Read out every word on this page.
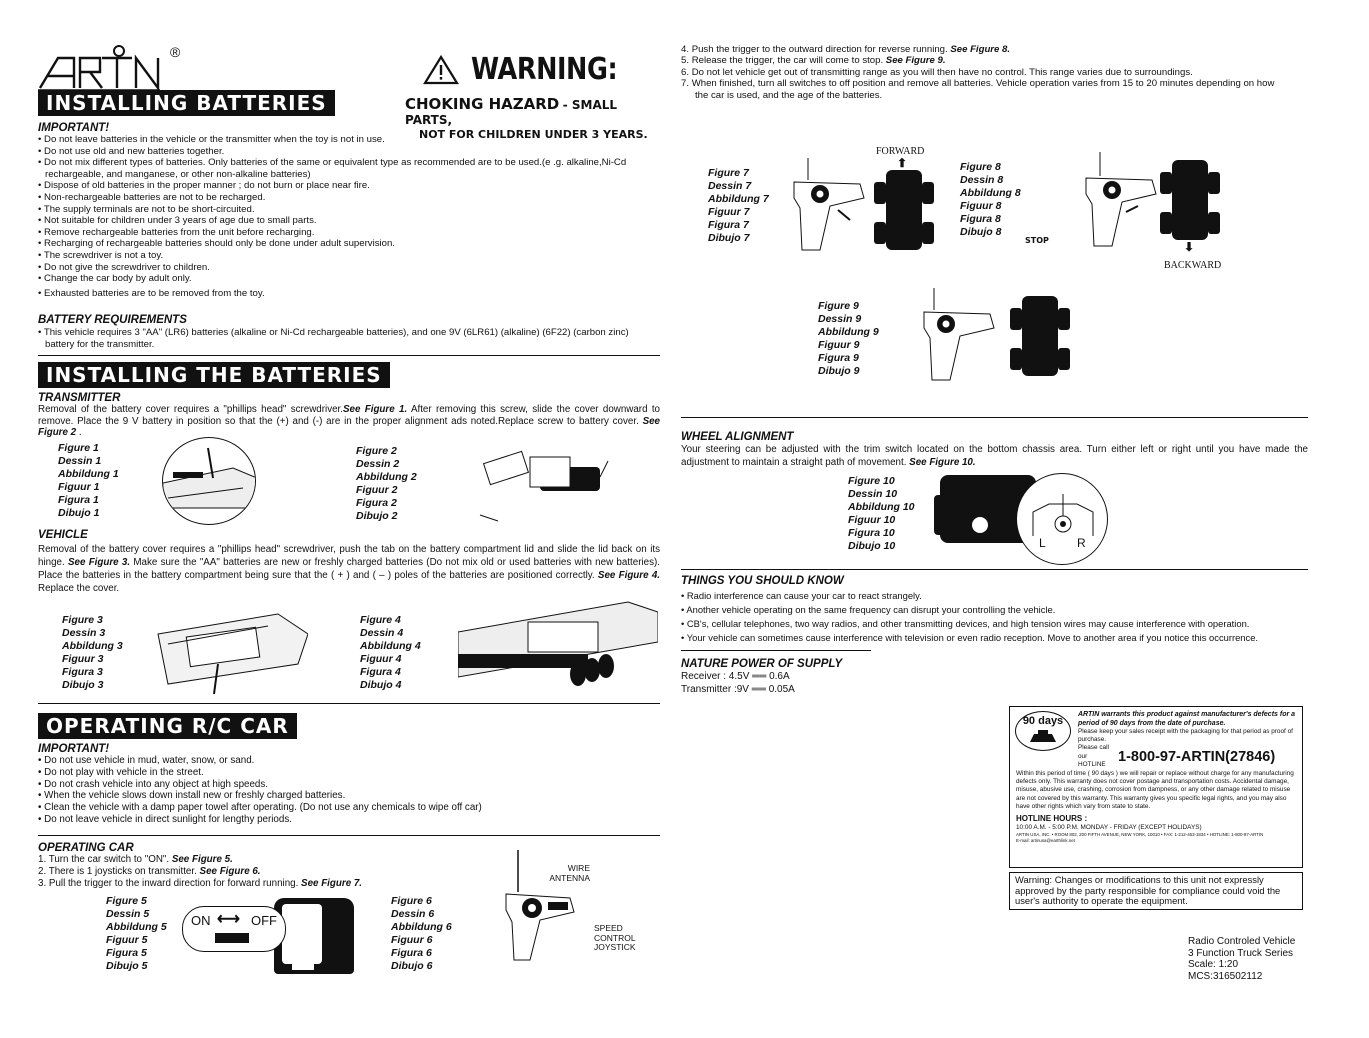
®
INSTALLING BATTERIES
WARNING:
CHOKING HAZARD - SMALL PARTS,
NOT FOR CHILDREN UNDER 3 YEARS.
IMPORTANT!
• Do not leave batteries in the vehicle or the transmitter when the toy is not in use.
• Do not use old and new batteries together.
• Do not mix different types of batteries. Only batteries of the same or equivalent type as recommended are to be used.(e .g. alkaline,Ni-Cd rechargeable, and manganese, or other non-alkaline batteries)
• Dispose of old batteries in the proper manner ; do not burn or place near fire.
• Non-rechargeable batteries are not to be recharged.
• The supply terminals are not to be short-circuited.
• Not suitable for children under 3 years of age due to small parts.
• Remove rechargeable batteries from the unit before recharging.
• Recharging of rechargeable batteries should only be done under adult supervision.
• The screwdriver is not a toy.
• Do not give the screwdriver to children.
• Change the car body by adult only.
• Exhausted batteries are to be removed from the toy.
BATTERY REQUIREMENTS
• This vehicle requires 3 "AA" (LR6) batteries (alkaline or Ni-Cd rechargeable batteries), and one 9V (6LR61) (alkaline) (6F22) (carbon zinc) battery for the transmitter.
INSTALLING THE BATTERIES
TRANSMITTER
Removal of the battery cover requires a "phillips head" screwdriver.See Figure 1. After removing this screw, slide the cover downward to remove. Place the 9 V battery in position so that the (+) and (-) are in the proper alignment ads noted.Replace screw to battery cover. See Figure 2 .
Figure 1
Dessin 1
Abbildung 1
Figuur 1
Figura 1
Dibujo 1
Figure 2
Dessin 2
Abbildung 2
Figuur 2
Figura 2
Dibujo 2
VEHICLE
Removal of the battery cover requires a "phillips head" screwdriver, push the tab on the battery compartment lid and slide the lid back on its hinge. See Figure 3. Make sure the "AA" batteries are new or freshly charged batteries (Do not mix old or used batteries with new batteries). Place the batteries in the battery compartment being sure that the ( + ) and ( – ) poles of the batteries are positioned correctly. See Figure 4. Replace the cover.
Figure 3
Dessin 3
Abbildung 3
Figuur 3
Figura 3
Dibujo 3
Figure 4
Dessin 4
Abbildung 4
Figuur 4
Figura 4
Dibujo 4
OPERATING R/C CAR
IMPORTANT!
• Do not use vehicle in mud, water, snow, or sand.
• Do not play with vehicle in the street.
• Do not crash vehicle into any object at high speeds.
• When the vehicle slows down install new or freshly charged batteries.
• Clean the vehicle with a damp paper towel after operating. (Do not use any chemicals to wipe off car)
• Do not leave vehicle in direct sunlight for lengthy periods.
OPERATING CAR
1. Turn the car switch to "ON". See Figure 5.
2. There is 1 joysticks on transmitter. See Figure 6.
3. Pull the trigger to the inward direction for forward running. See Figure 7.
Figure 5
Dessin 5
Abbildung 5
Figuur 5
Figura 5
Dibujo 5
ON ⟷ OFF
Figure 6
Dessin 6
Abbildung 6
Figuur 6
Figura 6
Dibujo 6
WIRE ANTENNA
SPEED CONTROL JOYSTICK
4. Push the trigger to the outward direction for reverse running. See Figure 8.
5. Release the trigger, the car will come to stop. See Figure 9.
6. Do not let vehicle get out of transmitting range as you will then have no control. This range varies due to surroundings.
7. When finished, turn all switches to off position and remove all batteries. Vehicle operation varies from 15 to 20 minutes depending on how the car is used, and the age of the batteries.
Figure 7
Dessin 7
Abbildung 7
Figuur 7
Figura 7
Dibujo 7
FORWARD
⬆	Figure 8
Dessin 8
Abbildung 8
Figuur 8
Figura 8
Dibujo 8
STOP	⬇
BACKWARD
Figure 9
Dessin 9
Abbildung 9
Figuur 9
Figura 9
Dibujo 9
WHEEL ALIGNMENT
Your steering can be adjusted with the trim switch located on the bottom chassis area. Turn either left or right until you have made the adjustment to maintain a straight path of movement. See Figure 10.
Figure 10
Dessin 10
Abbildung 10
Figuur 10
Figura 10
Dibujo 10	L	R
THINGS YOU SHOULD KNOW
• Radio interference can cause your car to react strangely.
• Another vehicle operating on the same frequency can disrupt your controlling the vehicle.
• CB's, cellular telephones, two way radios, and other transmitting devices, and high tension wires may cause interference with operation.
• Your vehicle can sometimes cause interference with television or even radio reception. Move to another area if you notice this occurrence.
NATURE POWER OF SUPPLY
Receiver : 4.5V ══ 0.6A
Transmitter :9V ══ 0.05A
90 days
ARTIN warrants this product against manufacturer's defects for a period of 90 days from the date of purchase.
Please keep your sales receipt with the packaging for that period as proof of purchase.
Please call our HOTLINE 1-800-97-ARTIN(27846)
Within this period of time ( 90 days ) we will repair or replace without charge for any manufacturing defects only. This warranty does not cover postage and transportation costs. Accidental damage, misuse, abusive use, crashing, corrosion from dampness, or any other damage related to misuse are not covered by this warranty. This warranty gives you specific legal rights, and you may also have other rights which vary from state to state.
HOTLINE HOURS :
10:00 A.M. - 5:00 P.M. MONDAY - FRIDAY (EXCEPT HOLIDAYS)
ARTIN USA, INC. • ROOM 802, 200 FIFTH AVENUE, NEW YORK, 10010 • FAX: 1-212-463-1834 • HOTLINE: 1-800-97-ARTIN
E-mail: artinusa@earthlink.net
Warning: Changes or modifications to this unit not expressly approved by the party responsible for compliance could void the user's authority to operate the equipment.
Radio Controled Vehicle
3 Function Truck Series
Scale: 1:20
MCS:316502112
